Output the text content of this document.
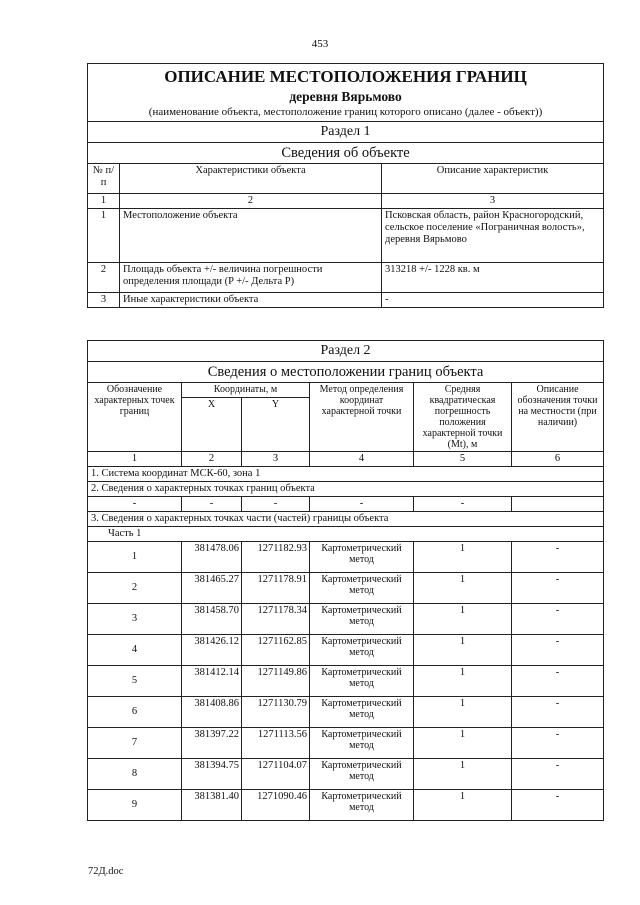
453
ОПИСАНИЕ МЕСТОПОЛОЖЕНИЯ ГРАНИЦ
деревня Вярьмово
(наименование объекта, местоположение границ которого описано (далее - объект))		

Раздел 1		
Сведения об объекте		
№ п/п	Характеристики объекта	Описание характеристик
1	2	3
1	Местоположение объекта	Псковская область, район Красногородский, сельское поселение «Пограничная волость», деревня Вярьмово
2	Площадь объекта +/- величина погрешности определения площади (P +/- Дельта P)	313218 +/- 1228 кв. м
3	Иные характеристики объекта	-
Раздел 2					
Сведения о местоположении границ объекта					
Обозначение характерных точек границ	Координаты, м		Метод определения координат характерной точки	Средняя квадратическая погрешность положения характерной точки (Mt), м	Описание обозначения точки на местности (при наличии)
	X	Y			
1	2	3	4	5	6
1. Система координат МСК-60, зона 1					
2. Сведения о характерных точках границ объекта					
-	-	-	-	-	
3. Сведения о характерных точках части (частей) границы объекта					
Часть 1					
1	381478.06	1271182.93	Картометрический метод	1	-
2	381465.27	1271178.91	Картометрический метод	1	-
3	381458.70	1271178.34	Картометрический метод	1	-
4	381426.12	1271162.85	Картометрический метод	1	-
5	381412.14	1271149.86	Картометрический метод	1	-
6	381408.86	1271130.79	Картометрический метод	1	-
7	381397.22	1271113.56	Картометрический метод	1	-
8	381394.75	1271104.07	Картометрический метод	1	-
9	381381.40	1271090.46	Картометрический метод	1	-
72Д.doc
